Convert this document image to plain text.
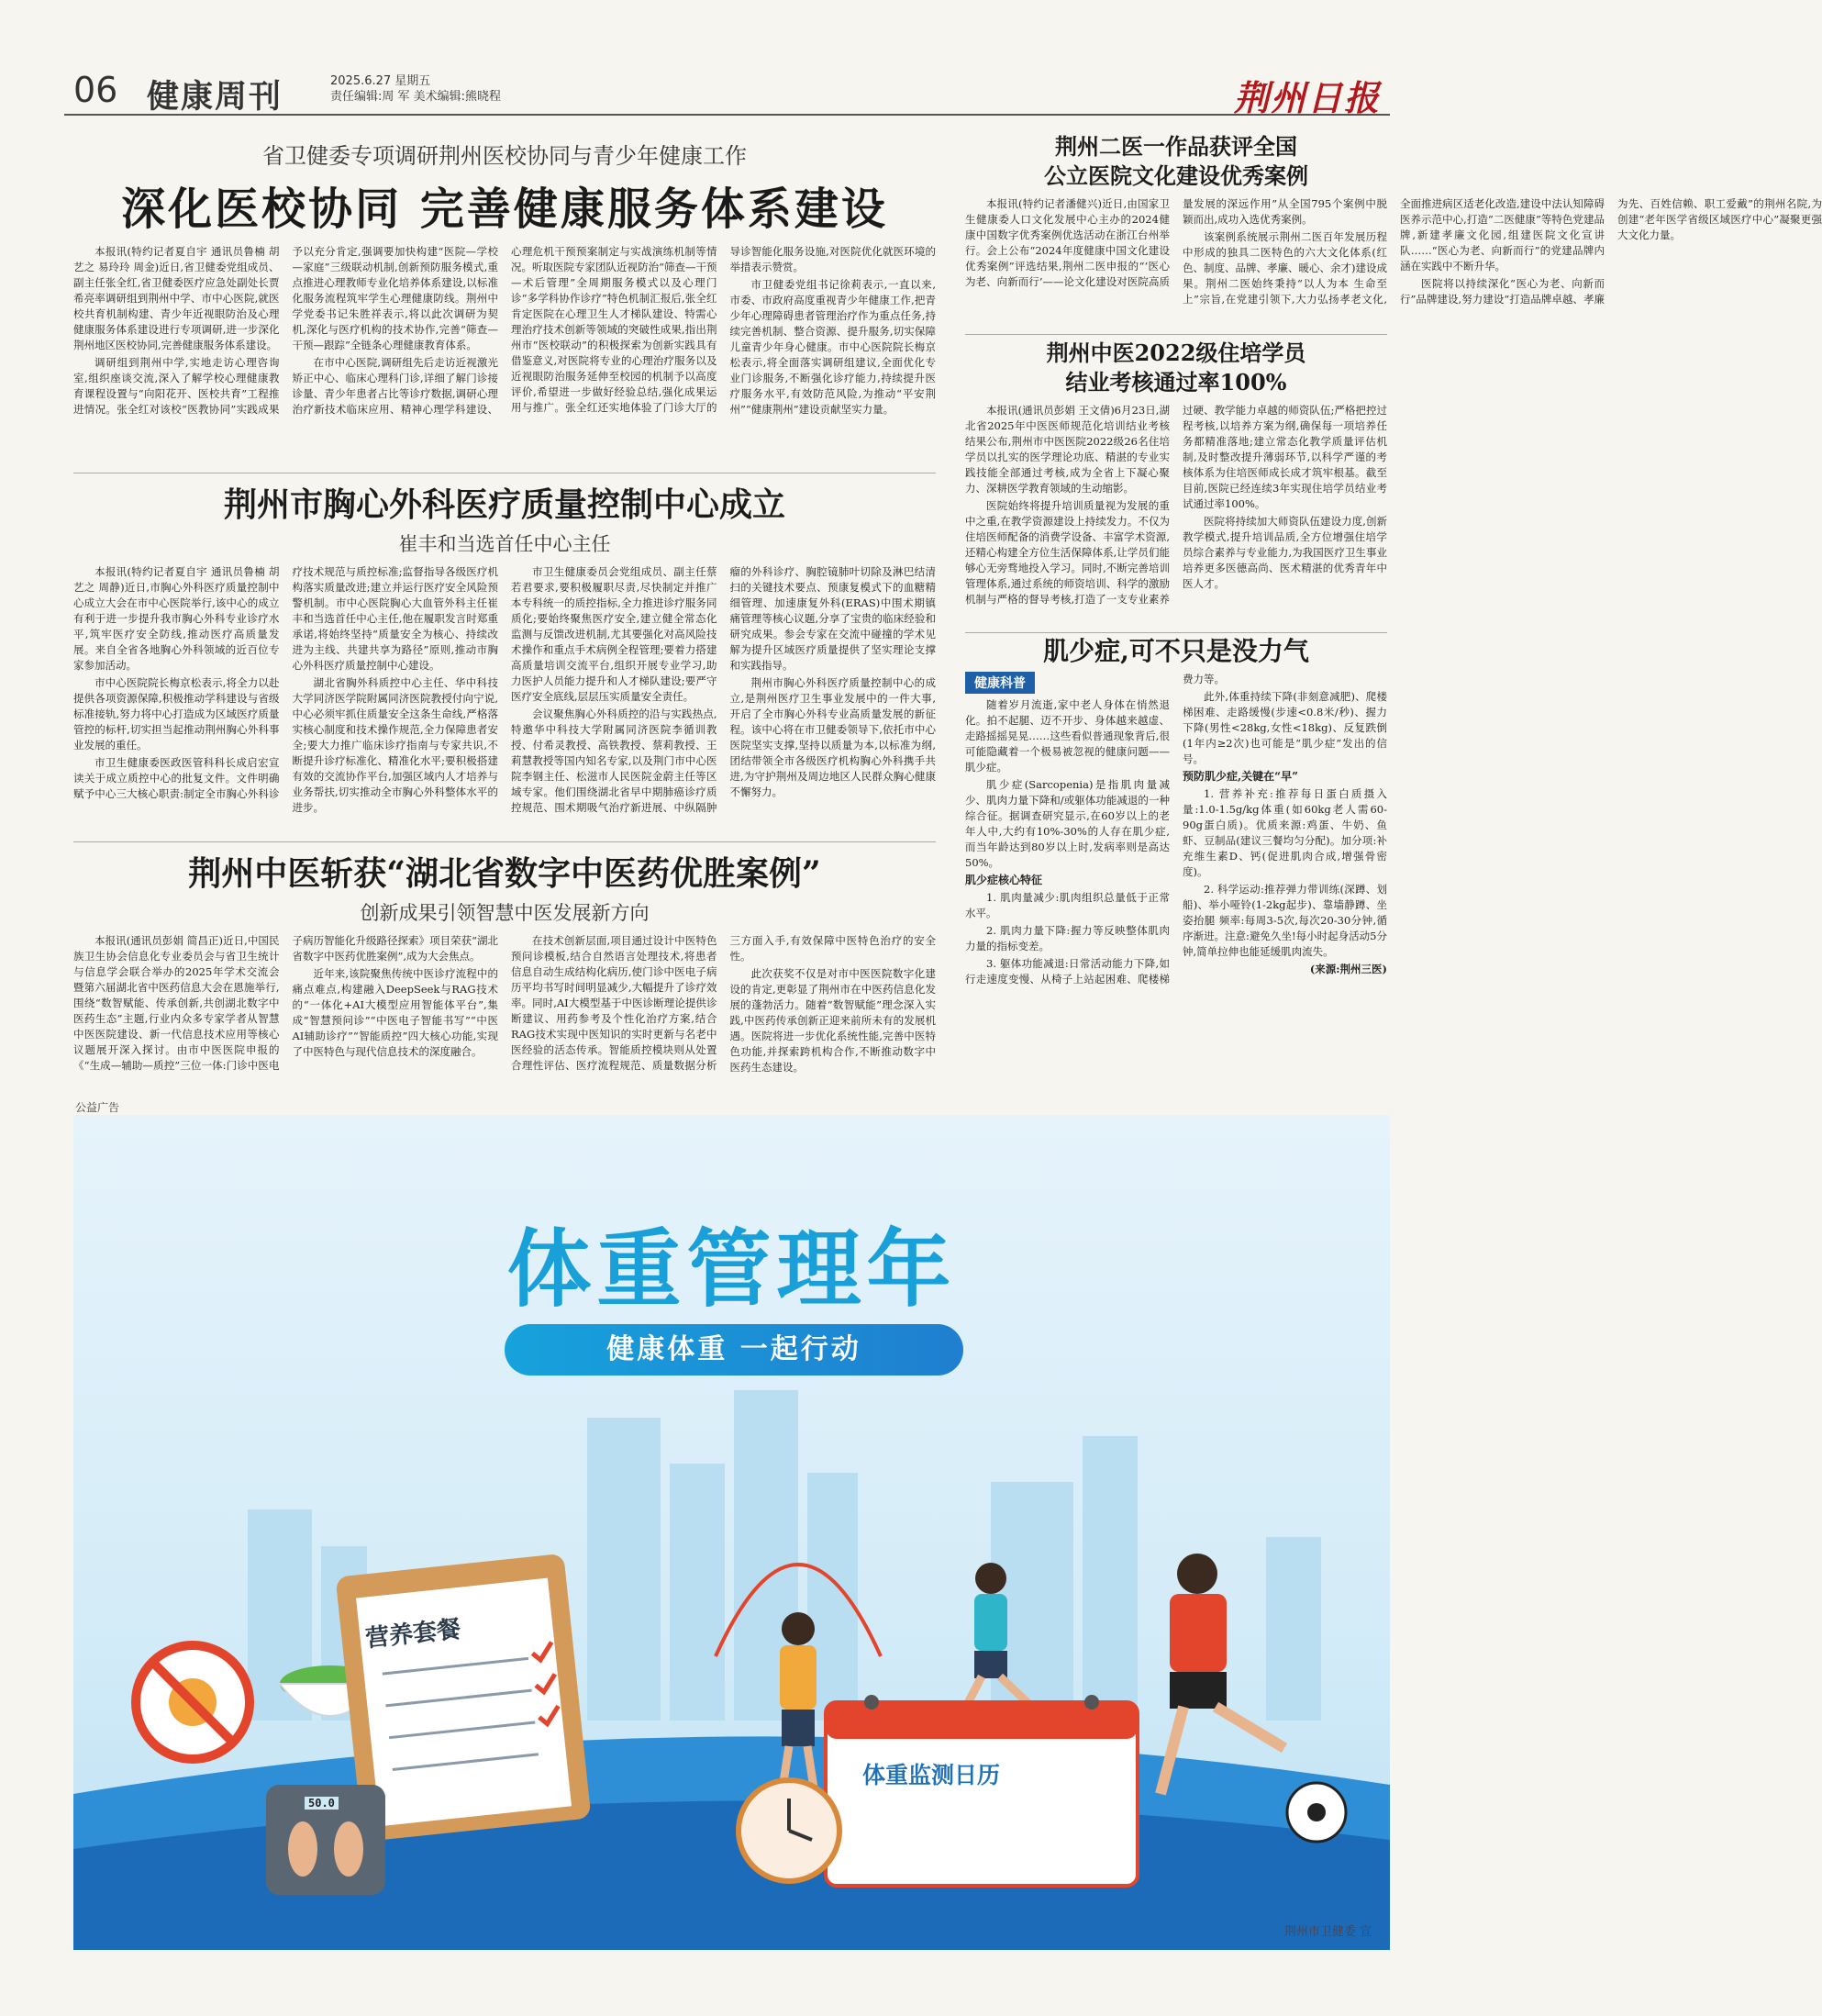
06 健康周刊	2025.6.27 星期五
责任编辑:周 军 美术编辑:熊晓程	荆州日报
省卫健委专项调研荆州医校协同与青少年健康工作
深化医校协同 完善健康服务体系建设

本报讯(特约记者夏自宇 通讯员鲁楠 胡艺之 易玲玲 周金)近日,省卫健委党组成员、副主任张全红,省卫健委医疗应急处副处长贾希亮率调研组到荆州中学、市中心医院,就医校共育机制构建、青少年近视眼防治及心理健康服务体系建设进行专项调研,进一步深化荆州地区医校协同,完善健康服务体系建设。

调研组到荆州中学,实地走访心理咨询室,组织座谈交流,深入了解学校心理健康教育课程设置与“向阳花开、医校共育”工程推进情况。张全红对该校“医教协同”实践成果予以充分肯定,强调要加快构建“医院—学校—家庭”三级联动机制,创新预防服务模式,重点推进心理教师专业化培养体系建设,以标准化服务流程筑牢学生心理健康防线。荆州中学党委书记朱胜祥表示,将以此次调研为契机,深化与医疗机构的技术协作,完善“筛查—干预—跟踪”全链条心理健康教育体系。

在市中心医院,调研组先后走访近视激光矫正中心、临床心理科门诊,详细了解门诊接诊量、青少年患者占比等诊疗数据,调研心理治疗新技术临床应用、精神心理学科建设、心理危机干预预案制定与实战演练机制等情况。听取医院专家团队近视防治“筛查—干预—术后管理”全周期服务模式以及心理门诊“多学科协作诊疗”特色机制汇报后,张全红肯定医院在心理卫生人才梯队建设、特需心理治疗技术创新等领域的突破性成果,指出荆州市“医校联动”的积极探索为创新实践具有借鉴意义,对医院将专业的心理治疗服务以及近视眼防治服务延伸至校园的机制予以高度评价,希望进一步做好经验总结,强化成果运用与推广。张全红还实地体验了门诊大厅的导诊智能化服务设施,对医院优化就医环境的举措表示赞赏。

市卫健委党组书记徐莉表示,一直以来,市委、市政府高度重视青少年健康工作,把青少年心理障碍患者管理治疗作为重点任务,持续完善机制、整合资源、提升服务,切实保障儿童青少年身心健康。市中心医院院长梅京松表示,将全面落实调研组建议,全面优化专业门诊服务,不断强化诊疗能力,持续提升医疗服务水平,有效防范风险,为推动“平安荆州”“健康荆州”建设贡献坚实力量。

荆州市胸心外科医疗质量控制中心成立
崔丰和当选首任中心主任

本报讯(特约记者夏自宇 通讯员鲁楠 胡艺之 周静)近日,市胸心外科医疗质量控制中心成立大会在市中心医院举行,该中心的成立有利于进一步提升我市胸心外科专业诊疗水平,筑牢医疗安全防线,推动医疗高质量发展。来自全省各地胸心外科领域的近百位专家参加活动。

市中心医院院长梅京松表示,将全力以赴提供各项资源保障,积极推动学科建设与省级标准接轨,努力将中心打造成为区域医疗质量管控的标杆,切实担当起推动荆州胸心外科事业发展的重任。

市卫生健康委医政医管科科长成启宏宣读关于成立质控中心的批复文件。文件明确赋予中心三大核心职责:制定全市胸心外科诊疗技术规范与质控标准;监督指导各级医疗机构落实质量改进;建立并运行医疗安全风险预警机制。市中心医院胸心大血管外科主任崔丰和当选首任中心主任,他在履职发言时郑重承诺,将始终坚持“质量安全为核心、持续改进为主线、共建共享为路径”原则,推动市胸心外科医疗质量控制中心建设。

湖北省胸外科质控中心主任、华中科技大学同济医学院附属同济医院教授付向宁说,中心必须牢抓住质量安全这条生命线,严格落实核心制度和技术操作规范,全力保障患者安全;要大力推广临床诊疗指南与专家共识,不断提升诊疗标准化、精准化水平;要积极搭建有效的交流协作平台,加强区域内人才培养与业务帮扶,切实推动全市胸心外科整体水平的进步。

市卫生健康委员会党组成员、副主任蔡若君要求,要积极履职尽责,尽快制定并推广本专科统一的质控指标,全力推进诊疗服务同质化;要始终聚焦医疗安全,建立健全常态化监测与反馈改进机制,尤其要强化对高风险技术操作和重点手术病例全程管理;要着力搭建高质量培训交流平台,组织开展专业学习,助力医护人员能力提升和人才梯队建设;要严守医疗安全底线,层层压实质量安全责任。

会议聚焦胸心外科质控的沿与实践热点,特邀华中科技大学附属同济医院李循训教授、付希灵教授、高铁教授、蔡莉教授、王莉慧教授等国内知名专家,以及荆门市中心医院李钢主任、松滋市人民医院金蔚主任等区域专家。他们围绕湖北省早中期肺癌诊疗质控规范、围术期吸气治疗新进展、中纵隔肿瘤的外科诊疗、胸腔镜肺叶切除及淋巴结清扫的关键技术要点、预康复模式下的血糖精细管理、加速康复外科(ERAS)中围术期镇痛管理等核心议题,分享了宝贵的临床经验和研究成果。参会专家在交流中碰撞的学术见解为提升区域医疗质量提供了坚实理论支撑和实践指导。

荆州市胸心外科医疗质量控制中心的成立,是荆州医疗卫生事业发展中的一件大事,开启了全市胸心外科专业高质量发展的新征程。该中心将在市卫健委领导下,依托市中心医院坚实支撑,坚持以质量为本,以标准为纲,团结带领全市各级医疗机构胸心外科携手共进,为守护荆州及周边地区人民群众胸心健康不懈努力。

荆州中医斩获“湖北省数字中医药优胜案例”
创新成果引领智慧中医发展新方向

本报讯(通讯员彭娟 简昌正)近日,中国民族卫生协会信息化专业委员会与省卫生统计与信息学会联合举办的2025年学术交流会暨第六届湖北省中医药信息大会在恩施举行,围绕“数智赋能、传承创新,共创湖北数字中医药生态”主题,行业内众多专家学者从智慧中医医院建设、新一代信息技术应用等核心议题展开深入探讨。由市中医医院申报的《“生成—辅助—质控”三位一体:门诊中医电子病历智能化升级路径探索》项目荣获“湖北省数字中医药优胜案例”,成为大会焦点。

近年来,该院聚焦传统中医诊疗流程中的痛点难点,构建融入DeepSeek与RAG技术的“一体化+AI大模型应用智能体平台”,集成“智慧预问诊”“中医电子智能书写”“中医AI辅助诊疗”“智能质控”四大核心功能,实现了中医特色与现代信息技术的深度融合。

在技术创新层面,项目通过设计中医特色预问诊模板,结合自然语言处理技术,将患者信息自动生成结构化病历,使门诊中医电子病历平均书写时间明显减少,大幅提升了诊疗效率。同时,AI大模型基于中医诊断理论提供诊断建议、用药参考及个性化治疗方案,结合RAG技术实现中医知识的实时更新与名老中医经验的活态传承。智能质控模块则从处置合理性评估、医疗流程规范、质量数据分析三方面入手,有效保障中医特色治疗的安全性。

此次获奖不仅是对市中医医院数字化建设的肯定,更彰显了荆州市在中医药信息化发展的蓬勃活力。随着“数智赋能”理念深入实践,中医药传承创新正迎来前所未有的发展机遇。医院将进一步优化系统性能,完善中医特色功能,并探索跨机构合作,不断推动数字中医药生态建设。

荆州二医一作品获评全国
公立医院文化建设优秀案例

本报讯(特约记者潘健兴)近日,由国家卫生健康委人口文化发展中心主办的2024健康中国数字优秀案例优选活动在浙江台州举行。会上公布“2024年度健康中国文化建设优秀案例”评选结果,荆州二医申报的“‘医心为老、向新而行’——论文化建设对医院高质量发展的深远作用”从全国795个案例中脱颖而出,成功入选优秀案例。

该案例系统展示荆州二医百年发展历程中形成的独具二医特色的六大文化体系(红色、制度、品牌、孝廉、暖心、余才)建设成果。荆州二医始终秉持“以人为本 生命至上”宗旨,在党建引领下,大力弘扬孝老文化,全面推进病区适老化改造,建设中法认知障碍医养示范中心,打造“二医健康”等特色党建品牌,新建孝廉文化园,组建医院文化宣讲队……“医心为老、向新而行”的党建品牌内涵在实践中不断升华。

医院将以持续深化“医心为老、向新而行”品牌建设,努力建设“打造品牌卓越、孝廉为先、百姓信赖、职工爱戴”的荆州名院,为创建“老年医学省级区域医疗中心”凝聚更强大文化力量。

荆州中医2022级住培学员
结业考核通过率100%

本报讯(通讯员彭娟 王文倩)6月23日,湖北省2025年中医医师规范化培训结业考核结果公布,荆州市中医医院2022级26名住培学员以扎实的医学理论功底、精湛的专业实践技能全部通过考核,成为全省上下凝心聚力、深耕医学教育领域的生动缩影。

医院始终将提升培训质量视为发展的重中之重,在教学资源建设上持续发力。不仅为住培医师配备的消费学设备、丰富学术资源,还精心构建全方位生活保障体系,让学员们能够心无旁骛地投入学习。同时,不断完善培训管理体系,通过系统的师资培训、科学的激励机制与严格的督导考核,打造了一支专业素养过硬、教学能力卓越的师资队伍;严格把控过程考核,以培养方案为纲,确保每一项培养任务都精准落地;建立常态化教学质量评估机制,及时整改提升薄弱环节,以科学严谨的考核体系为住培医师成长成才筑牢根基。截至目前,医院已经连续3年实现住培学员结业考试通过率100%。

医院将持续加大师资队伍建设力度,创新教学模式,提升培训品质,全方位增强住培学员综合素养与专业能力,为我国医疗卫生事业培养更多医德高尚、医术精湛的优秀青年中医人才。

肌少症,可不只是没力气
健康科普

随着岁月流逝,家中老人身体在悄然退化。拍不起腿、迈不开步、身体越来越虚、走路摇摇晃晃……这些看似普通现象背后,很可能隐藏着一个极易被忽视的健康问题——肌少症。

肌少症(Sarcopenia)是指肌肉量减少、肌肉力量下降和/或躯体功能减退的一种综合征。据调查研究显示,在60岁以上的老年人中,大约有10%-30%的人存在肌少症,而当年龄达到80岁以上时,发病率则是高达50%。

肌少症核心特征

1. 肌肉量减少:肌肉组织总量低于正常水平。

2. 肌肉力量下降:握力等反映整体肌肉力量的指标变差。

3. 躯体功能减退:日常活动能力下降,如行走速度变慢、从椅子上站起困难、爬楼梯费力等。

此外,体重持续下降(非刻意减肥)、爬楼梯困难、走路缓慢(步速<0.8米/秒)、握力下降(男性<28kg,女性<18kg)、反复跌倒(1年内≥2次)也可能是“肌少症”发出的信号。

预防肌少症,关键在“早”

1. 营养补充:推荐每日蛋白质摄入量:1.0-1.5g/kg体重(如60kg老人需60-90g蛋白质)。优质来源:鸡蛋、牛奶、鱼虾、豆制品(建议三餐均匀分配)。加分项:补充维生素D、钙(促进肌肉合成,增强骨密度)。

2. 科学运动:推荐弹力带训练(深蹲、划船)、举小哑铃(1-2kg起步)、靠墙静蹲、坐姿抬腿 频率:每周3-5次,每次20-30分钟,循序渐进。注意:避免久坐!每小时起身活动5分钟,简单拉伸也能延缓肌肉流失。

(来源:荆州三医)

公益广告
体重管理年
健康体重 一起行动
营养套餐
50.0
体重监测日历
荆州市卫健委 宣
